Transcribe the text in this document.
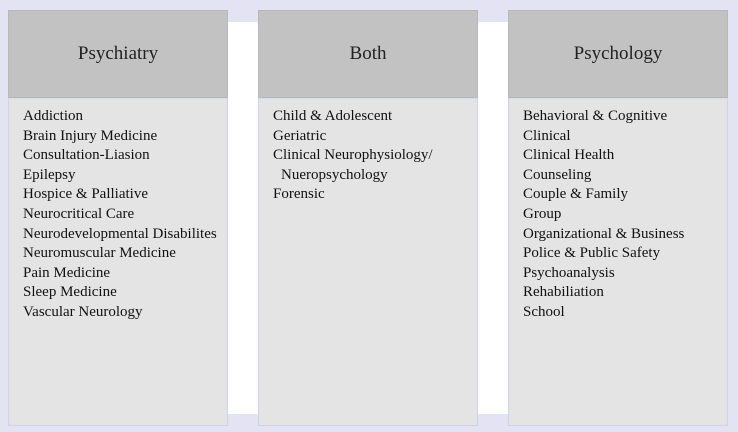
Psychiatry
Addiction
Brain Injury Medicine
Consultation-Liasion
Epilepsy
Hospice & Palliative
Neurocritical Care
Neurodevelopmental Disabilites
Neuromuscular Medicine
Pain Medicine
Sleep Medicine
Vascular Neurology
Both
Child & Adolescent
Geriatric
Clinical Neurophysiology/ Nueropsychology
Forensic
Psychology
Behavioral & Cognitive
Clinical
Clinical Health
Counseling
Couple & Family
Group
Organizational & Business
Police & Public Safety
Psychoanalysis
Rehabiliation
School
